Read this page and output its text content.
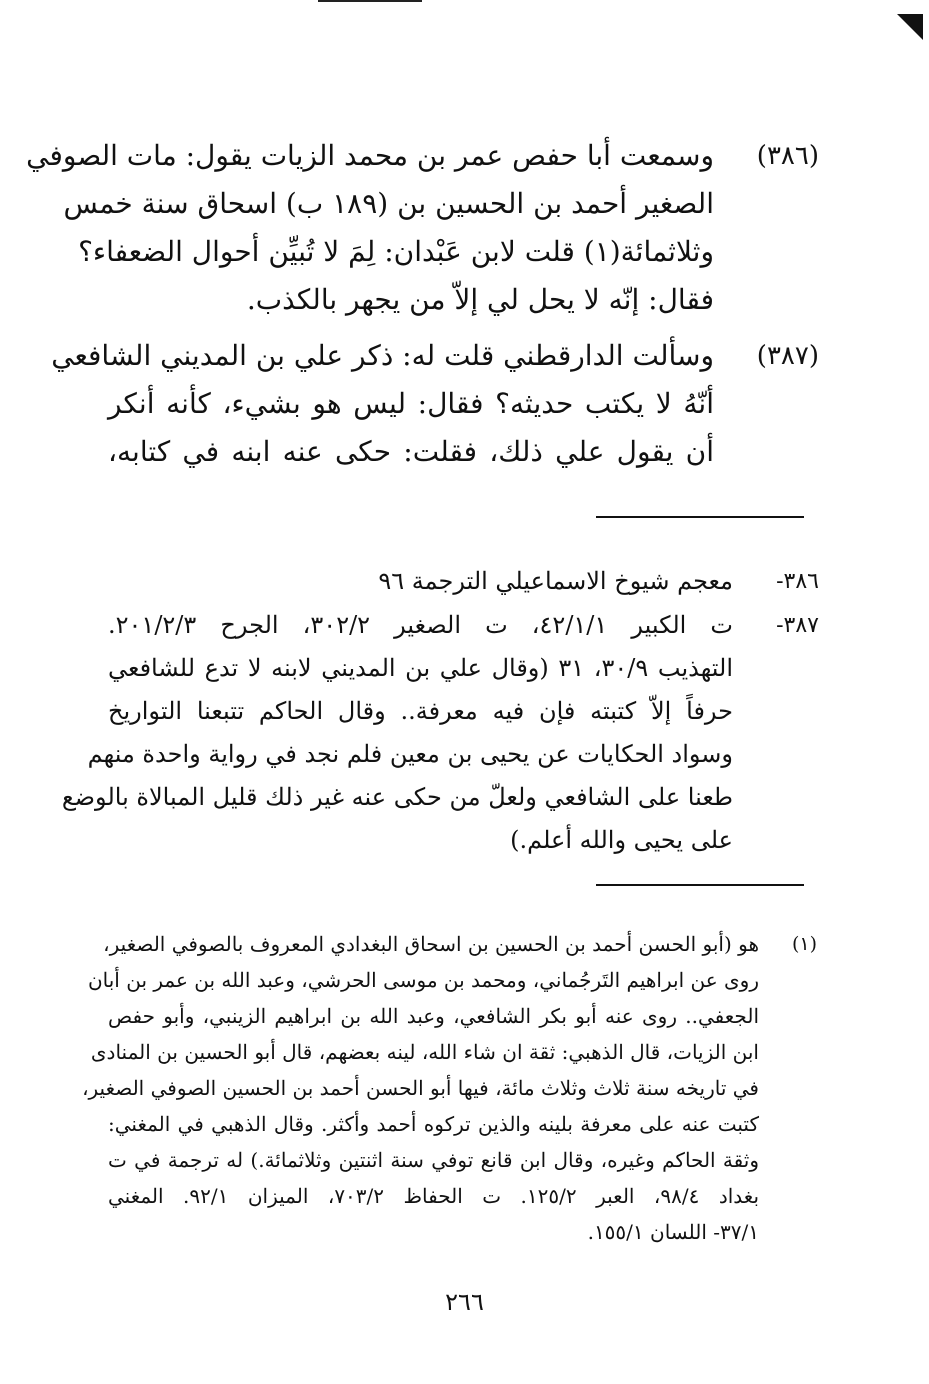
(٣٨٦)
وسمعت أبا حفص عمر بن محمد الزيات يقول: مات الصوفي
الصغير أحمد بن الحسين بن (١٨٩ ب) اسحاق سنة خمس
وثلاثمائة(١) قلت لابن عَبْدان: لِمَ لا تُبيِّن أحوال الضعفاء؟
فقال: إنّه لا يحل لي إلاّ من يجهر بالكذب.
(٣٨٧)
وسألت الدارقطني قلت له: ذكر علي بن المديني الشافعي
أنّهُ لا يكتب حديثه؟ فقال: ليس هو بشيء، كأنه أنكر
أن يقول علي ذلك، فقلت: حكى عنه ابنه في كتابه،
٣٨٦-
معجم شيوخ الاسماعيلي الترجمة ٩٦
٣٨٧-
ت الكبير ٤٢/١/١، ت الصغير ٣٠٢/٢، الجرح ٢٠١/٢/٣.
التهذيب ٣٠/٩، ٣١ (وقال علي بن المديني لابنه لا تدع للشافعي
حرفاً إلاّ كتبته فإن فيه معرفة.. وقال الحاكم تتبعنا التواريخ
وسواد الحكايات عن يحيى بن معين فلم نجد في رواية واحدة منهم
طعنا على الشافعي ولعلّ من حكى عنه غير ذلك قليل المبالاة بالوضع
على يحيى والله أعلم.)
(١)
هو (أبو الحسن أحمد بن الحسين بن اسحاق البغدادي المعروف بالصوفي الصغير،
روى عن ابراهيم التَرجُماني، ومحمد بن موسى الحرشي، وعبد الله بن عمر بن أبان
الجعفي.. روى عنه أبو بكر الشافعي، وعبد الله بن ابراهيم الزينبي، وأبو حفص
ابن الزيات، قال الذهبي: ثقة ان شاء الله، لينه بعضهم، قال أبو الحسين بن المنادى
في تاريخه سنة ثلاث وثلاث مائة، فيها أبو الحسن أحمد بن الحسين الصوفي الصغير،
كتبت عنه على معرفة بلينه والذين تركوه أحمد وأكثر. وقال الذهبي في المغني:
وثقة الحاكم وغيره، وقال ابن قانع توفي سنة اثنتين وثلاثمائة.) له ترجمة في ت
بغداد ٩٨/٤، العبر ١٢٥/٢. ت الحفاظ ٧٠٣/٢، الميزان ٩٢/١. المغني
٣٧/١- اللسان ١٥٥/١.
٢٦٦
